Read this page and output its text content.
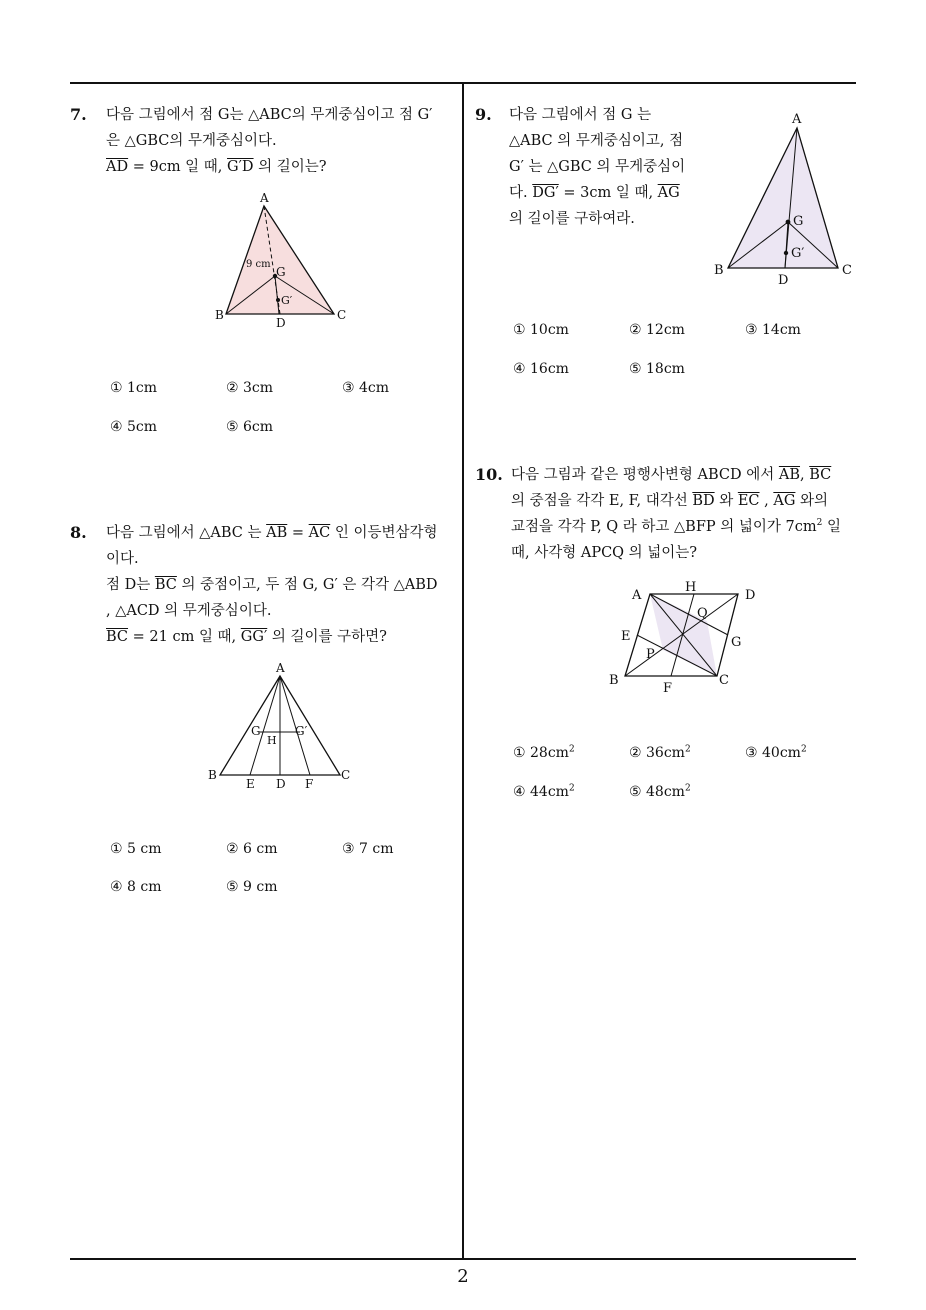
7. 다음 그림에서 점 G는 △ABC의 무게중심이고 점 G′
은 △GBC의 무게중심이다.
$\overline{AD} = 9cm$ 일 때, G′D 의 길이는?
A
B	C
D
G
G′
9 cm
① 1cm	② 3cm	③ 4cm
④ 5cm	⑤ 6cm
8. 다음 그림에서 △ABC 는 $\overline{AB} = \overline{AC}$ 인 이등변삼각형
이다.
점 D는 $\overline{BC}$ 의 중점이고, 두 점 G, G′ 은 각각 △ABD
, △ACD 의 무게중심이다.
$\overline{BC} = 21$ cm 일 때, GG′ 의 길이를 구하면?
A
B	C
E D F
G	G′
H
① 5 cm	② 6 cm	③ 7 cm
④ 8 cm	⑤ 9 cm
9. 다음 그림에서 점 G 는
△ABC 의 무게중심이고, 점
G′ 는 △GBC 의 무게중심이
다. DG′ = 3cm 일 때, $\overline{AG}$
의 길이를 구하여라.
A
B	C
D
G
G′
① 10cm	② 12cm	③ 14cm
④ 16cm	⑤ 18cm
10. 다음 그림과 같은 평행사변형 ABCD 에서 $\overline{AB}$, $\overline{BC}$
의 중점을 각각 E, F, 대각선 $\overline{BD}$ 와 $\overline{EC}$ , $\overline{AG}$ 와의
교점을 각각 P, Q 라 하고 △BFP 의 넓이가 $7cm^2$ 일
때, 사각형 APCQ 의 넓이는?
A
B	C
D
E
F
G
H
P
Q
① $28cm^2$	② $36cm^2$	③ $40cm^2$
④ $44cm^2$	⑤ $48cm^2$
2
